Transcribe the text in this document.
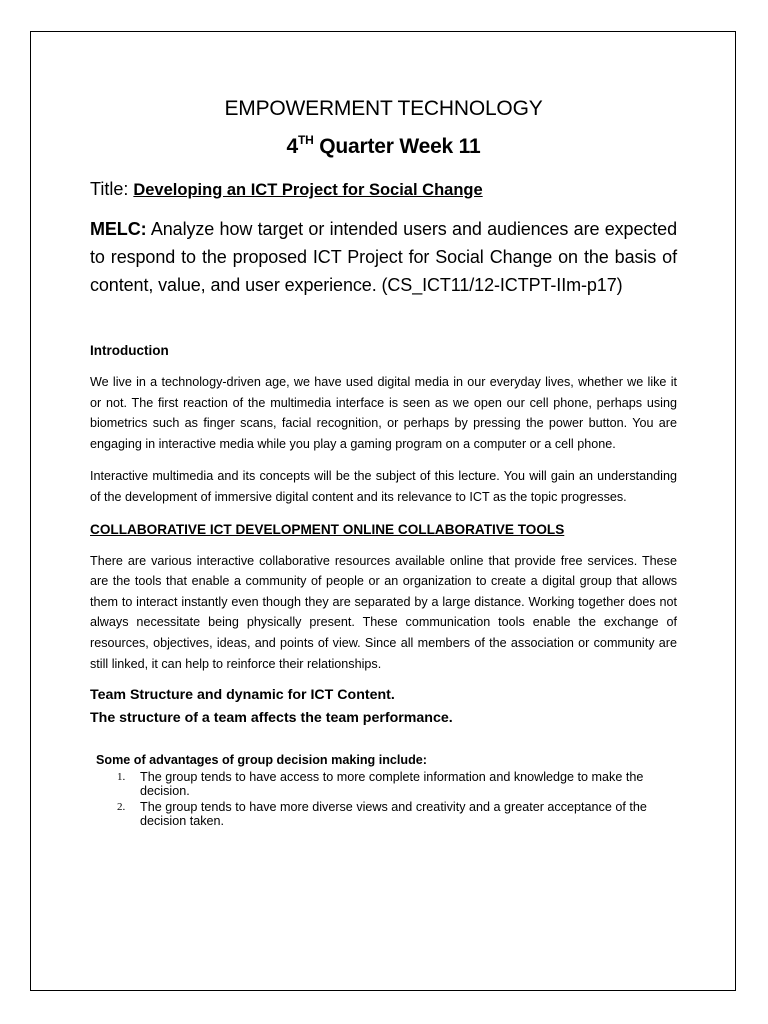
EMPOWERMENT TECHNOLOGY
4TH Quarter Week 11

Title: Developing an ICT Project for Social Change

MELC: Analyze how target or intended users and audiences are expected to respond to the proposed ICT Project for Social Change on the basis of content, value, and user experience. (CS_ICT11/12-ICTPT-IIm-p17)

Introduction

We live in a technology-driven age, we have used digital media in our everyday lives, whether we like it or not. The first reaction of the multimedia interface is seen as we open our cell phone, perhaps using biometrics such as finger scans, facial recognition, or perhaps by pressing the power button. You are engaging in interactive media while you play a gaming program on a computer or a cell phone.

Interactive multimedia and its concepts will be the subject of this lecture. You will gain an understanding of the development of immersive digital content and its relevance to ICT as the topic progresses.

COLLABORATIVE ICT DEVELOPMENT ONLINE COLLABORATIVE TOOLS

There are various interactive collaborative resources available online that provide free services. These are the tools that enable a community of people or an organization to create a digital group that allows them to interact instantly even though they are separated by a large distance. Working together does not always necessitate being physically present. These communication tools enable the exchange of resources, objectives, ideas, and points of view. Since all members of the association or community are still linked, it can help to reinforce their relationships.

Team Structure and dynamic for ICT Content.
The structure of a team affects the team performance.

Some of advantages of group decision making include:

1. The group tends to have access to more complete information and knowledge to make the decision.
2. The group tends to have more diverse views and creativity and a greater acceptance of the decision taken.
